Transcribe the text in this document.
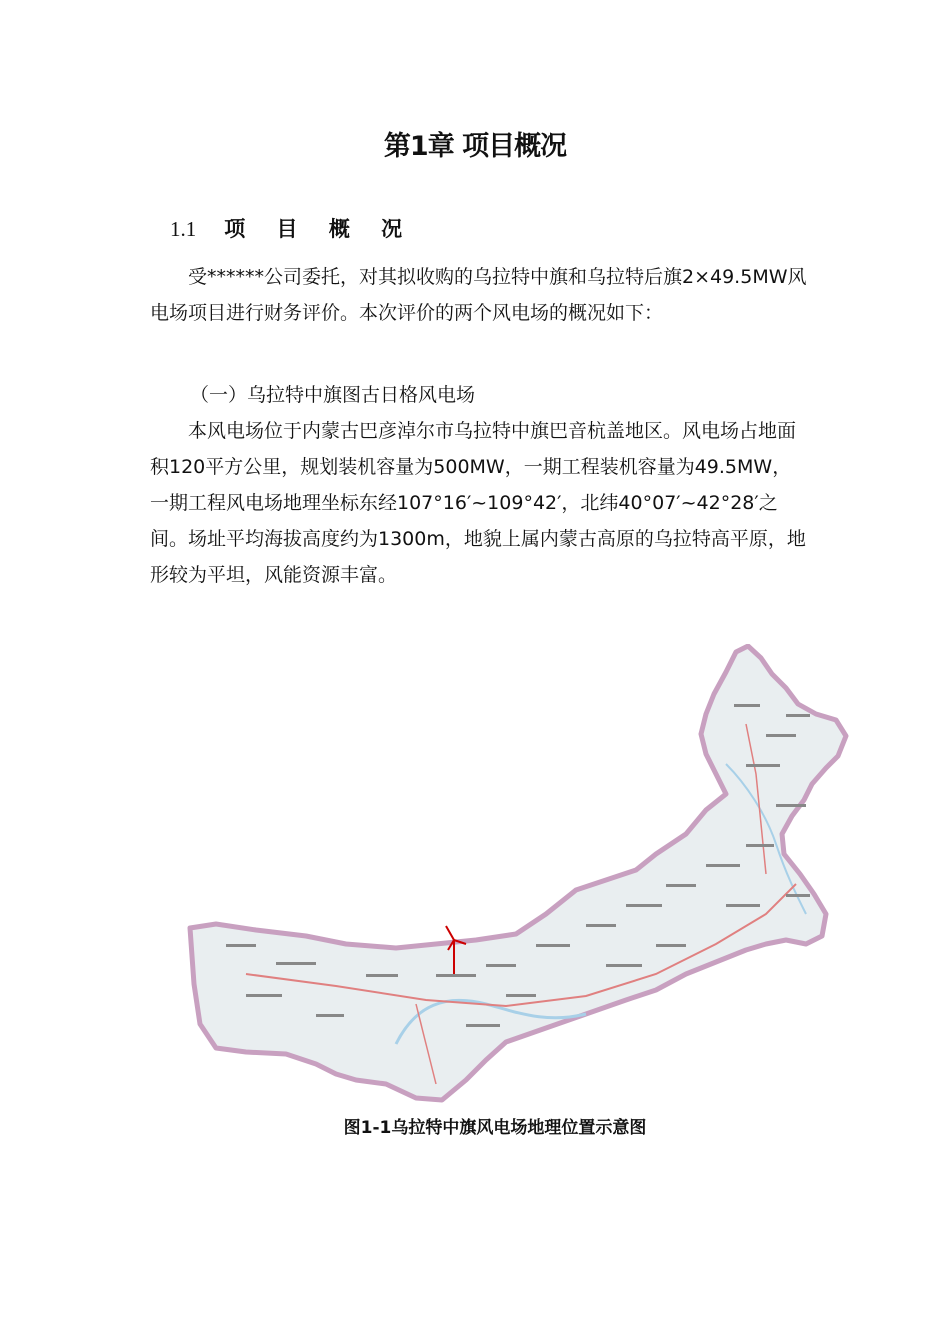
第1章 项目概况
1.1 项 目 概 况
受******公司委托，对其拟收购的乌拉特中旗和乌拉特后旗2×49.5MW风电场项目进行财务评价。本次评价的两个风电场的概况如下：
（一）乌拉特中旗图古日格风电场
本风电场位于内蒙古巴彦淖尔市乌拉特中旗巴音杭盖地区。风电场占地面积120平方公里，规划装机容量为500MW，一期工程装机容量为49.5MW，一期工程风电场地理坐标东经107°16′~109°42′，北纬40°07′~42°28′之间。场址平均海拔高度约为1300m，地貌上属内蒙古高原的乌拉特高平原，地形较为平坦，风能资源丰富。
图1-1乌拉特中旗风电场地理位置示意图
